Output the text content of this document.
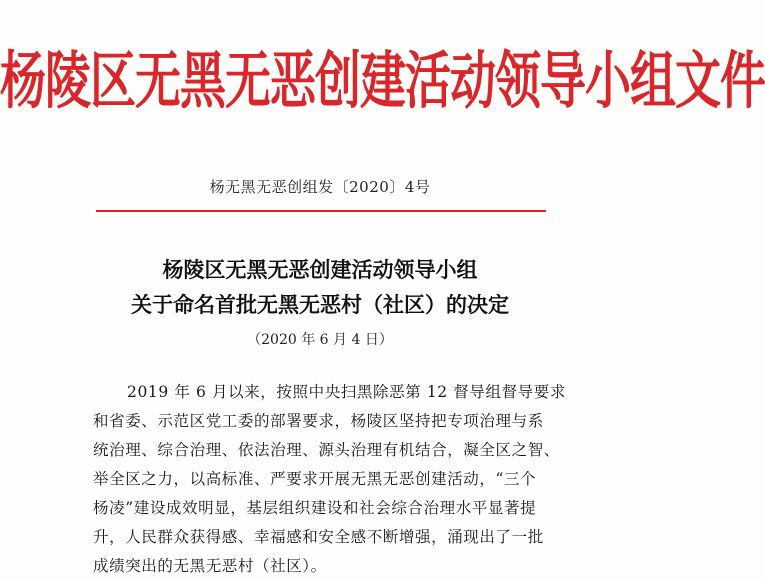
杨陵区无黑无恶创建活动领导小组文件
杨无黑无恶创组发〔2020〕4号
杨陵区无黑无恶创建活动领导小组
关于命名首批无黑无恶村（社区）的决定
（2020 年 6 月 4 日）
2019 年 6 月以来，按照中央扫黑除恶第 12 督导组督导要求
和省委、示范区党工委的部署要求，杨陵区坚持把专项治理与系
统治理、综合治理、依法治理、源头治理有机结合，凝全区之智、
举全区之力，以高标准、严要求开展无黑无恶创建活动，“三个
杨凌”建设成效明显，基层组织建设和社会综合治理水平显著提
升，人民群众获得感、幸福感和安全感不断增强，涌现出了一批
成绩突出的无黑无恶村（社区）。
